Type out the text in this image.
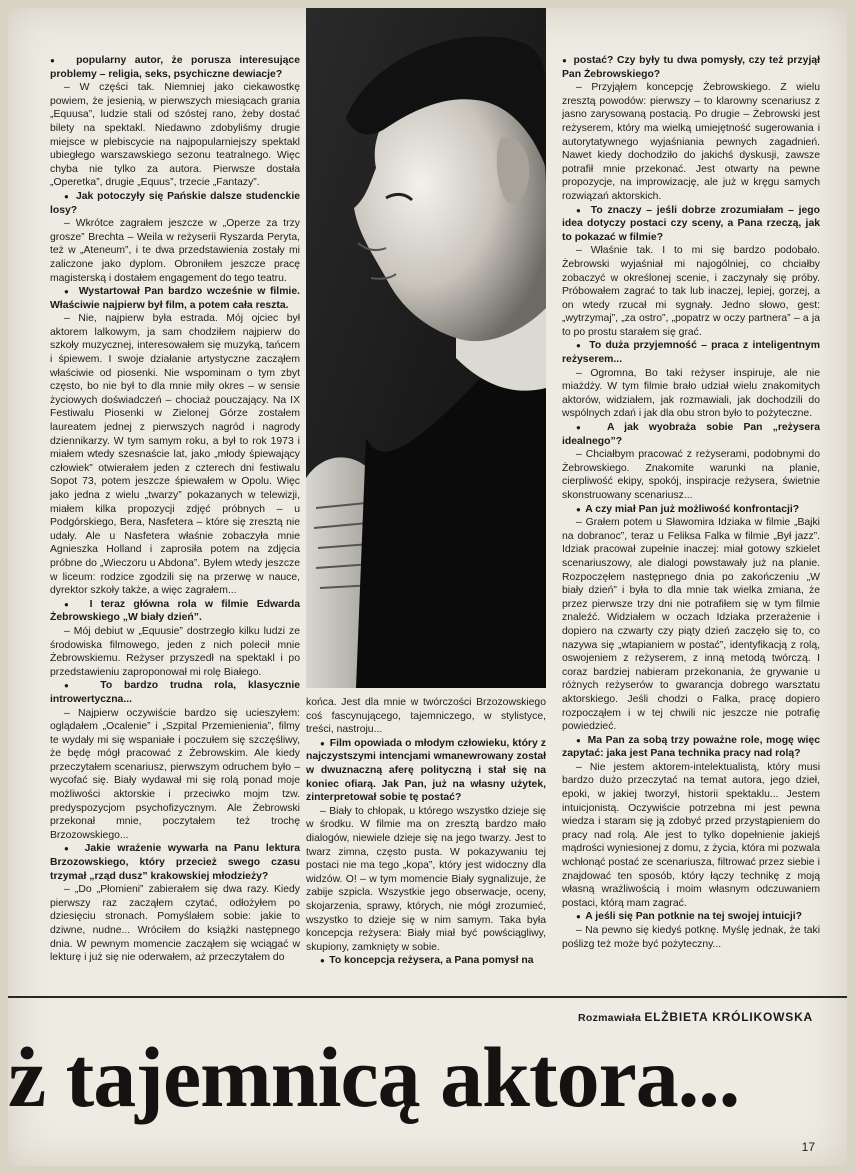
●  popularny autor, że porusza interesujące problemy – religia, seks, psychiczne dewiacje?

– W części tak. Niemniej jako ciekawostkę powiem, że jesienią, w pierwszych miesiącach grania „Equusa”, ludzie stali od szóstej rano, żeby dostać bilety na spektakl. Niedawno zdobyliśmy drugie miejsce w plebiscycie na najpopularniejszy spektakl ubiegłego warszawskiego sezonu teatralnego. Więc chyba nie tylko za autora. Pierwsze dostała „Operetka”, drugie „Equus”, trzecie „Fantazy”.

●  Jak potoczyły się Pańskie dalsze studenckie losy?

– Wkrótce zagrałem jeszcze w „Operze za trzy grosze” Brechta – Weila w reżyserii Ryszarda Peryta, też w „Ateneum”, i te dwa przedstawienia zostały mi zaliczone jako dyplom. Obroniłem jeszcze pracę magisterską i dostałem engagement do tego teatru.

●  Wystartował Pan bardzo wcześnie w filmie. Właściwie najpierw był film, a potem cała reszta.

– Nie, najpierw była estrada. Mój ojciec był aktorem lalkowym, ja sam chodziłem najpierw do szkoły muzycznej, interesowałem się muzyką, tańcem i śpiewem. I swoje działanie artystyczne zacząłem właściwie od piosenki. Nie wspominam o tym zbyt często, bo nie był to dla mnie miły okres – w sensie życiowych doświadczeń – chociaż pouczający. Na IX Festiwalu Piosenki w Zielonej Górze zostałem laureatem jednej z pierwszych nagród i nagrody dziennikarzy. W tym samym roku, a był to rok 1973 i miałem wtedy szesnaście lat, jako „młody śpiewający człowiek” otwierałem jeden z czterech dni festiwalu Sopot 73, potem jeszcze śpiewałem w Opolu. Więc jako jedna z wielu „twarzy” pokazanych w telewizji, miałem kilka propozycji zdjęć próbnych – u Podgórskiego, Bera, Nasfetera – które się zresztą nie udały. Ale u Nasfetera właśnie zobaczyła mnie Agnieszka Holland i zaprosiła potem na zdjęcia próbne do „Wieczoru u Abdona”. Byłem wtedy jeszcze w liceum: rodzice zgodzili się na przerwę w nauce, dyrektor szkoły także, a więc zagrałem...

●  I teraz główna rola w filmie Edwarda Żebrowskiego „W biały dzień”.

– Mój debiut w „Equusie” dostrzegło kilku ludzi ze środowiska filmowego, jeden z nich polecił mnie Żebrowskiemu. Reżyser przyszedł na spektakl i po przedstawieniu zaproponował mi rolę Białego.

●  To bardzo trudna rola, klasycznie introwertyczna...

– Najpierw oczywiście bardzo się ucieszyłem: oglądałem „Ocalenie” i „Szpital Przemienienia”, filmy te wydały mi się wspaniałe i poczułem się szczęśliwy, że będę mógł pracować z Żebrowskim. Ale kiedy przeczytałem scenariusz, pierwszym odruchem było – wycofać się. Biały wydawał mi się rolą ponad moje możliwości aktorskie i przeciwko mojm tzw. predyspozycjom psychofizycznym. Ale Żebrowski przekonał mnie, poczytałem też trochę Brzozowskiego...

●  Jakie wrażenie wywarła na Panu lektura Brzozowskiego, który przecież swego czasu trzymał „rząd dusz” krakowskiej młodzieży?

– „Do „Płomieni” zabierałem się dwa razy. Kiedy pierwszy raz zacząłem czytać, odłożyłem po dziesięciu stronach. Pomyślałem sobie: jakie to dziwne, nudne... Wróciłem do książki następnego dnia. W pewnym momencie zacząłem się wciągać w lekturę i już się nie oderwałem, aż przeczytałem do

końca. Jest dla mnie w twórczości Brzozowskiego coś fascynującego, tajemniczego, w stylistyce, treści, nastroju...

●  Film opowiada o młodym człowieku, który z najczystszymi intencjami wmanewrowany został w dwuznaczną aferę polityczną i stał się na koniec ofiarą. Jak Pan, już na własny użytek, zinterpretował sobie tę postać?

– Biały to chłopak, u którego wszystko dzieje się w środku. W filmie ma on zresztą bardzo mało dialogów, niewiele dzieje się na jego twarzy. Jest to twarz zimna, często pusta. W pokazywaniu tej postaci nie ma tego „kopa”, który jest widoczny dla widzów. O! – w tym momencie Biały sygnalizuje, że zabije szpicla. Wszystkie jego obserwacje, oceny, skojarzenia, sprawy, których, nie mógł zrozumieć, wszystko to dzieje się w nim samym. Taka była koncepcja reżysera: Biały miał być powściągliwy, skupiony, zamknięty w sobie.

●  To koncepcja reżysera, a Pana pomysł na

●  postać? Czy były tu dwa pomysły, czy też przyjął Pan Żebrowskiego?

– Przyjąłem koncepcję Żebrowskiego. Z wielu zresztą powodów: pierwszy – to klarowny scenariusz z jasno zarysowaną postacią. Po drugie – Żebrowski jest reżyserem, który ma wielką umiejętność sugerowania i autorytatywnego wyjaśniania pewnych zagadnień. Nawet kiedy dochodziło do jakichś dyskusji, zawsze potrafił mnie przekonać. Jest otwarty na pewne propozycje, na improwizację, ale już w kręgu samych rozwiązań aktorskich.

●  To znaczy – jeśli dobrze zrozumiałam – jego idea dotyczy postaci czy sceny, a Pana rzeczą, jak to pokazać w filmie?

– Właśnie tak. I to mi się bardzo podobało. Żebrowski wyjaśniał mi najogólniej, co chciałby zobaczyć w określonej scenie, i zaczynały się próby. Próbowałem zagrać to tak lub inaczej, lepiej, gorzej, a on wtedy rzucał mi sygnały. Jedno słowo, gest: „wytrzymaj”, „za ostro”, „popatrz w oczy partnera” – a ja to po prostu starałem się grać.

●  To duża przyjemność – praca z inteligentnym reżyserem...

– Ogromna, Bo taki reżyser inspiruje, ale nie miażdży. W tym filmie brało udział wielu znakomitych aktorów, widziałem, jak rozmawiali, jak dochodzili do wspólnych zdań i jak dla obu stron było to pożyteczne.

●  A jak wyobraża sobie Pan „reżysera idealnego”?

– Chciałbym pracować z reżyserami, podobnymi do Żebrowskiego. Znakomite warunki na planie, cierpliwość ekipy, spokój, inspiracje reżysera, świetnie skonstruowany scenariusz...

●  A czy miał Pan już możliwość konfrontacji?

– Grałem potem u Sławomira Idziaka w filmie „Bajki na dobranoc”, teraz u Feliksa Falka w filmie „Był jazz”. Idziak pracował zupełnie inaczej: miał gotowy szkielet scenariuszowy, ale dialogi powstawały już na planie. Rozpoczęłem następnego dnia po zakończeniu „W biały dzień” i była to dla mnie tak wielka zmiana, że przez pierwsze trzy dni nie potrafiłem się w tym filmie znaleźć. Widziałem w oczach Idziaka przerażenie i dopiero na czwarty czy piąty dzień zaczęło się to, co nazywa się „wtapianiem w postać”, identyfikacją z rolą, oswojeniem z reżyserem, z inną metodą twórczą. I coraz bardziej nabieram przekonania, że grywanie u różnych reżyserów to gwarancja dobrego warsztatu aktorskiego. Jeśli chodzi o Falka, pracę dopiero rozpocząłem i w tej chwili nic jeszcze nie potrafię powiedzieć.

●  Ma Pan za sobą trzy poważne role, mogę więc zapytać: jaka jest Pana technika pracy nad rolą?

– Nie jestem aktorem-intelektualistą, który musi bardzo dużo przeczytać na temat autora, jego dzieł, epoki, w jakiej tworzył, historii spektaklu... Jestem intuicjonistą. Oczywiście potrzebna mi jest pewna wiedza i staram się ją zdobyć przed przystąpieniem do pracy nad rolą. Ale jest to tylko dopełnienie jakiejś mądrości wyniesionej z domu, z życia, która mi pozwala wchłonąć postać ze scenariusza, filtrować przez siebie i znajdować ten sposób, który łączy technikę z moją własną wrażliwością i moim własnym odczuwaniem postaci, którą mam zagrać.

●  A jeśli się Pan potknie na tej swojej intuicji?

– Na pewno się kiedyś potknę. Myślę jednak, że taki poślizg też może być pożyteczny...

Rozmawiała ELŻBIETA KRÓLIKOWSKA
ż tajemnicą aktora...
17
